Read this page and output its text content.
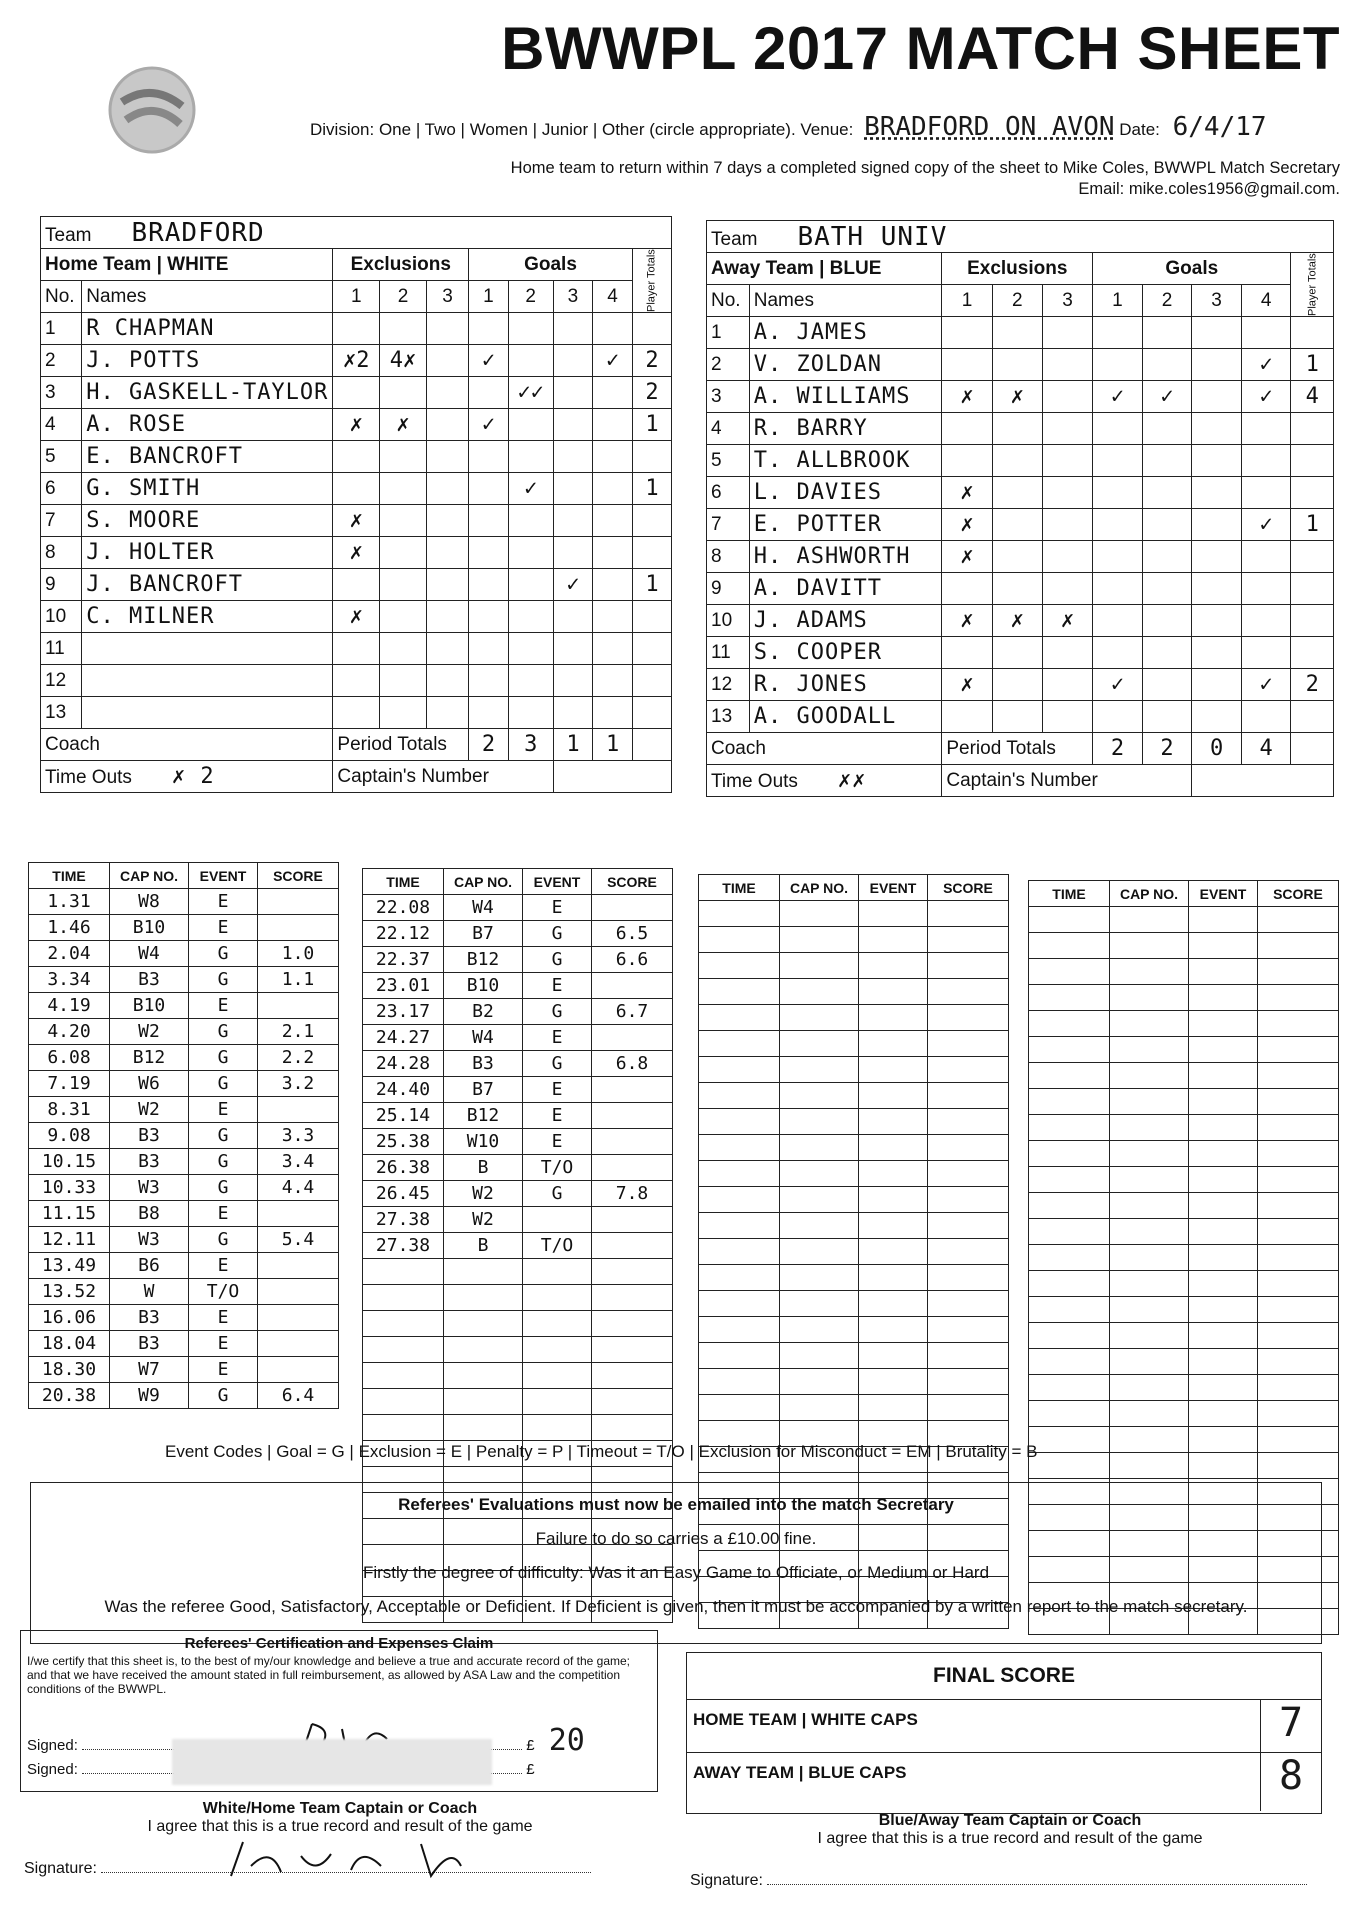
BWWPL 2017 MATCH SHEET
Division: One | Two | Women | Junior | Other (circle appropriate). Venue: BRADFORD ON AVON Date: 6/4/17
Home team to return within 7 days a completed signed copy of the sheet to Mike Coles, BWWPL Match Secretary
Email: mike.coles1956@gmail.com.
Team BRADFORD									
Home Team | WHITE		Exclusions			Goals				Player Totals
No.	Names	1	2	3	1	2	3	4	
1	R CHAPMAN								
2	J. POTTS	✗2	4✗		✓			✓	2
3	H. GASKELL-TAYLOR					✓✓			2
4	A. ROSE	✗	✗		✓				1
5	E. BANCROFT								
6	G. SMITH					✓			1
7	S. MOORE	✗							
8	J. HOLTER	✗							
9	J. BANCROFT						✓		1
10	C. MILNER	✗							
11									
12									
13									
Coach		Period Totals			2	3	1	1	
Time Outs ✗ 2		Captain's Number							
Team BATH UNIV									
Away Team | BLUE		Exclusions			Goals				Player Totals
No.	Names	1	2	3	1	2	3	4	
1	A. JAMES								
2	V. ZOLDAN							✓	1
3	A. WILLIAMS	✗	✗		✓	✓		✓	4
4	R. BARRY								
5	T. ALLBROOK								
6	L. DAVIES	✗							
7	E. POTTER	✗						✓	1
8	H. ASHWORTH	✗							
9	A. DAVITT								
10	J. ADAMS	✗	✗	✗					
11	S. COOPER								
12	R. JONES	✗			✓			✓	2
13	A. GOODALL								
Coach		Period Totals			2	2	0	4	
Time Outs ✗✗		Captain's Number							
TIME	CAP NO.	EVENT	SCORE
1.31	W8	E	
1.46	B10	E	
2.04	W4	G	1.0
3.34	B3	G	1.1
4.19	B10	E	
4.20	W2	G	2.1
6.08	B12	G	2.2
7.19	W6	G	3.2
8.31	W2	E	
9.08	B3	G	3.3
10.15	B3	G	3.4
10.33	W3	G	4.4
11.15	B8	E	
12.11	W3	G	5.4
13.49	B6	E	
13.52	W	T/O	
16.06	B3	E	
18.04	B3	E	
18.30	W7	E	
20.38	W9	G	6.4
TIME	CAP NO.	EVENT	SCORE
22.08	W4	E	
22.12	B7	G	6.5
22.37	B12	G	6.6
23.01	B10	E	
23.17	B2	G	6.7
24.27	W4	E	
24.28	B3	G	6.8
24.40	B7	E	
25.14	B12	E	
25.38	W10	E	
26.38	B	T/O	
26.45	W2	G	7.8
27.38	W2		
27.38	B	T/O	

TIME	CAP NO.	EVENT	SCORE

				TIME	CAP NO.	EVENT	SCORE

Event Codes | Goal = G | Exclusion = E | Penalty = P | Timeout = T/O | Exclusion for Misconduct = EM | Brutality = B
Referees' Evaluations must now be emailed into the match Secretary
Failure to do so carries a £10.00 fine.
Firstly the degree of difficulty: Was it an Easy Game to Officiate, or Medium or Hard
Was the referee Good, Satisfactory, Acceptable or Deficient. If Deficient is given, then it must be accompanied by a written report to the match secretary.
Referees' Certification and Expenses Claim
I/we certify that this sheet is, to the best of my/our knowledge and believe a true and accurate record of the game; and that we have received the amount stated in full reimbursement, as allowed by ASA Law and the competition conditions of the BWWPL.
Signed:	£ 20
Signed:	£
FINAL SCORE
HOME TEAM | WHITE CAPS	7
AWAY TEAM | BLUE CAPS	8
White/Home Team Captain or Coach
I agree that this is a true record and result of the game
Signature:
Blue/Away Team Captain or Coach
I agree that this is a true record and result of the game
Signature:
